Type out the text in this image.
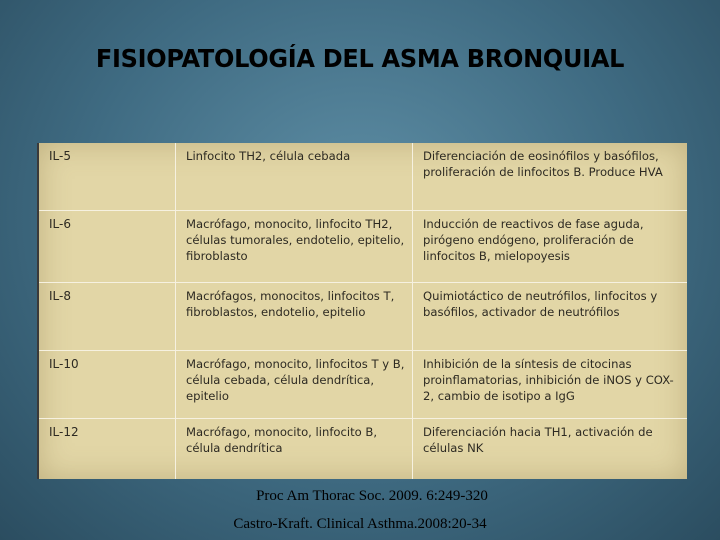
FISIOPATOLOGÍA DEL ASMA BRONQUIAL
IL-5	Linfocito TH2, célula cebada	Diferenciación de eosinófilos y basófilos, proliferación de linfocitos B. Produce HVA
IL-6	Macrófago, monocito, linfocito TH2, células tumorales, endotelio, epitelio, fibroblasto	Inducción de reactivos de fase aguda, pirógeno endógeno, proliferación de linfocitos B, mielopoyesis
IL-8	Macrófagos, monocitos, linfocitos T, fibroblastos, endotelio, epitelio	Quimiotáctico de neutrófilos, linfocitos y basófilos, activador de neutrófilos
IL-10	Macrófago, monocito, linfocitos T y B, célula cebada, célula dendrítica, epitelio	Inhibición de la síntesis de citocinas proinflamatorias, inhibición de iNOS y COX-2, cambio de isotipo a IgG
IL-12	Macrófago, monocito, linfocito B, célula dendrítica	Diferenciación hacia TH1, activación de células NK
Proc Am Thorac Soc. 2009. 6:249-320
Castro-Kraft. Clinical Asthma.2008:20-34
